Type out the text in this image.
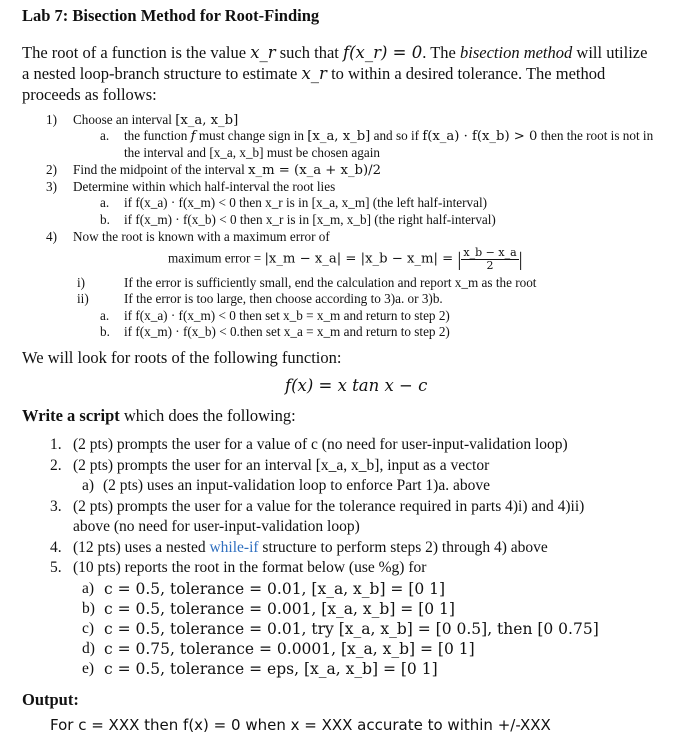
Lab 7: Bisection Method for Root-Finding
The root of a function is the value x_r such that f(x_r) = 0. The bisection method will utilize
a nested loop-branch structure to estimate x_r to within a desired tolerance. The method
proceeds as follows:
1) Choose an interval [x_a, x_b]
a. the function f must change sign in [x_a, x_b] and so if f(x_a) · f(x_b) > 0 then the root is not in
the interval and [x_a, x_b] must be chosen again
2) Find the midpoint of the interval x_m = (x_a + x_b)/2
3) Determine within which half-interval the root lies
a. if f(x_a) · f(x_m) < 0 then x_r is in [x_a, x_m] (the left half-interval)
b. if f(x_m) · f(x_b) < 0 then x_r is in [x_m, x_b] (the right half-interval)
4) Now the root is known with a maximum error of
maximum error = |x_m − x_a| = |x_b − x_m| = | $\frac{x\_b - x\_a}{2}$ |
i)	If the error is sufficiently small, end the calculation and report x_m as the root
ii)	If the error is too large, then choose according to 3)a. or 3)b.
a. if f(x_a) · f(x_m) < 0 then set x_b = x_m and return to step 2)
b. if f(x_m) · f(x_b) < 0.then set x_a = x_m and return to step 2)
We will look for roots of the following function:
f(x) = x tan x − c
Write a script which does the following:
1. (2 pts) prompts the user for a value of c (no need for user-input-validation loop)
2. (2 pts) prompts the user for an interval [x_a, x_b], input as a vector
a) (2 pts) uses an input-validation loop to enforce Part 1)a. above
3. (2 pts) prompts the user for a value for the tolerance required in parts 4)i) and 4)ii)
above (no need for user-input-validation loop)
4. (12 pts) uses a nested while-if structure to perform steps 2) through 4) above
5. (10 pts) reports the root in the format below (use %g) for
a) c = 0.5, tolerance = 0.01, [x_a, x_b] = [0 1]
b) c = 0.5, tolerance = 0.001, [x_a, x_b] = [0 1]
c) c = 0.5, tolerance = 0.01, try [x_a, x_b] = [0 0.5], then [0 0.75]
d) c = 0.75, tolerance = 0.0001, [x_a, x_b] = [0 1]
e) c = 0.5, tolerance = eps, [x_a, x_b] = [0 1]
Output:
For c = XXX then f(x) = 0 when x = XXX accurate to within +/-XXX
